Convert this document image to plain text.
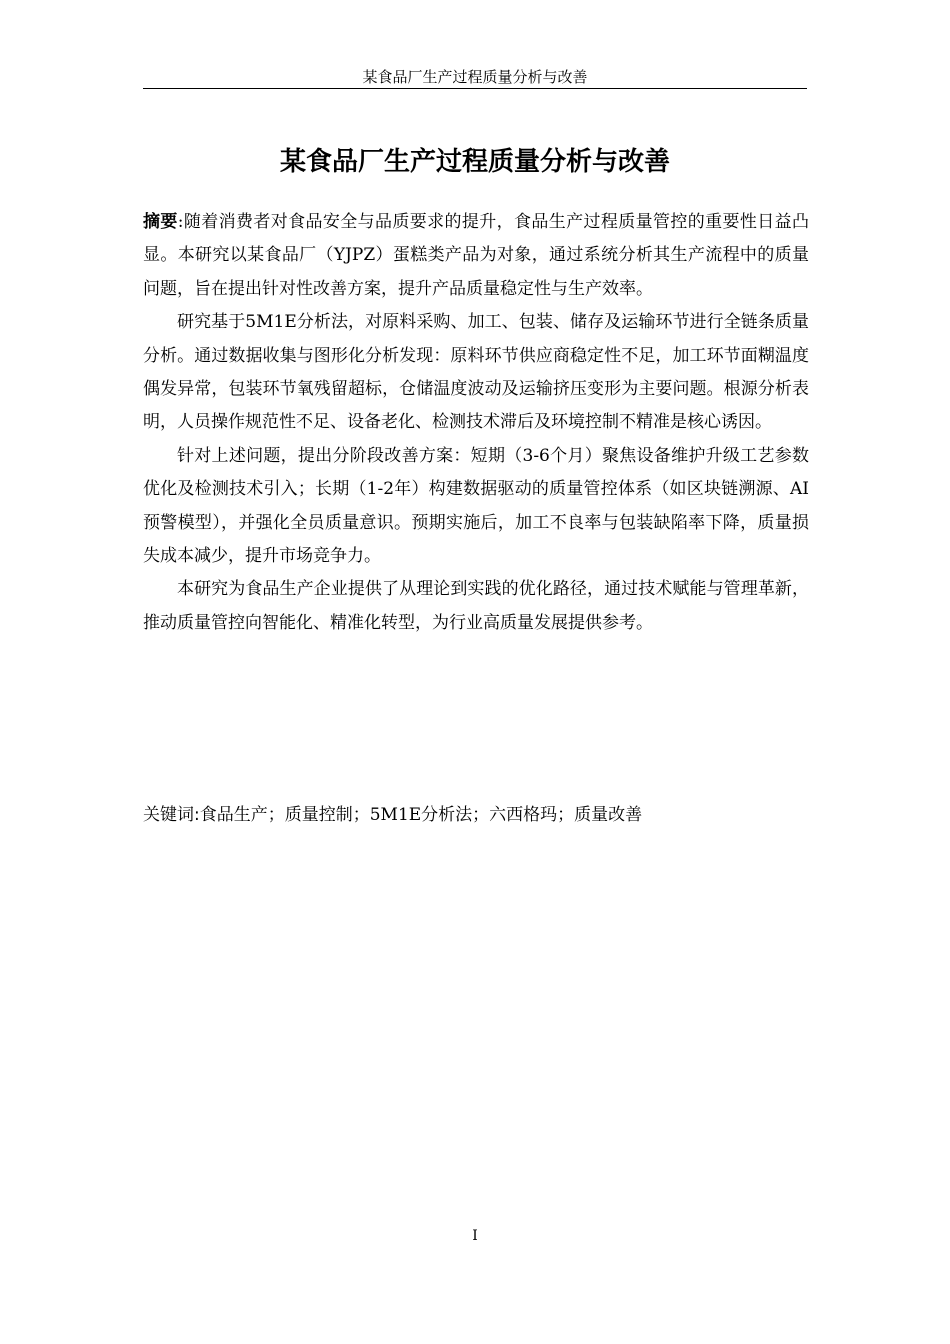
某食品厂生产过程质量分析与改善
某食品厂生产过程质量分析与改善

摘要:随着消费者对食品安全与品质要求的提升，食品生产过程质量管控的重要性日益凸显。本研究以某食品厂（YJPZ）蛋糕类产品为对象，通过系统分析其生产流程中的质量问题，旨在提出针对性改善方案，提升产品质量稳定性与生产效率。

研究基于5M1E分析法，对原料采购、加工、包装、储存及运输环节进行全链条质量分析。通过数据收集与图形化分析发现：原料环节供应商稳定性不足，加工环节面糊温度偶发异常，包装环节氧残留超标，仓储温度波动及运输挤压变形为主要问题。根源分析表明，人员操作规范性不足、设备老化、检测技术滞后及环境控制不精准是核心诱因。

针对上述问题，提出分阶段改善方案：短期（3-6个月）聚焦设备维护升级工艺参数优化及检测技术引入；长期（1-2年）构建数据驱动的质量管控体系（如区块链溯源、AI预警模型），并强化全员质量意识。预期实施后，加工不良率与包装缺陷率下降，质量损失成本减少，提升市场竞争力。

本研究为食品生产企业提供了从理论到实践的优化路径，通过技术赋能与管理革新，推动质量管控向智能化、精准化转型，为行业高质量发展提供参考。

关键词:食品生产；质量控制；5M1E分析法；六西格玛；质量改善
I
